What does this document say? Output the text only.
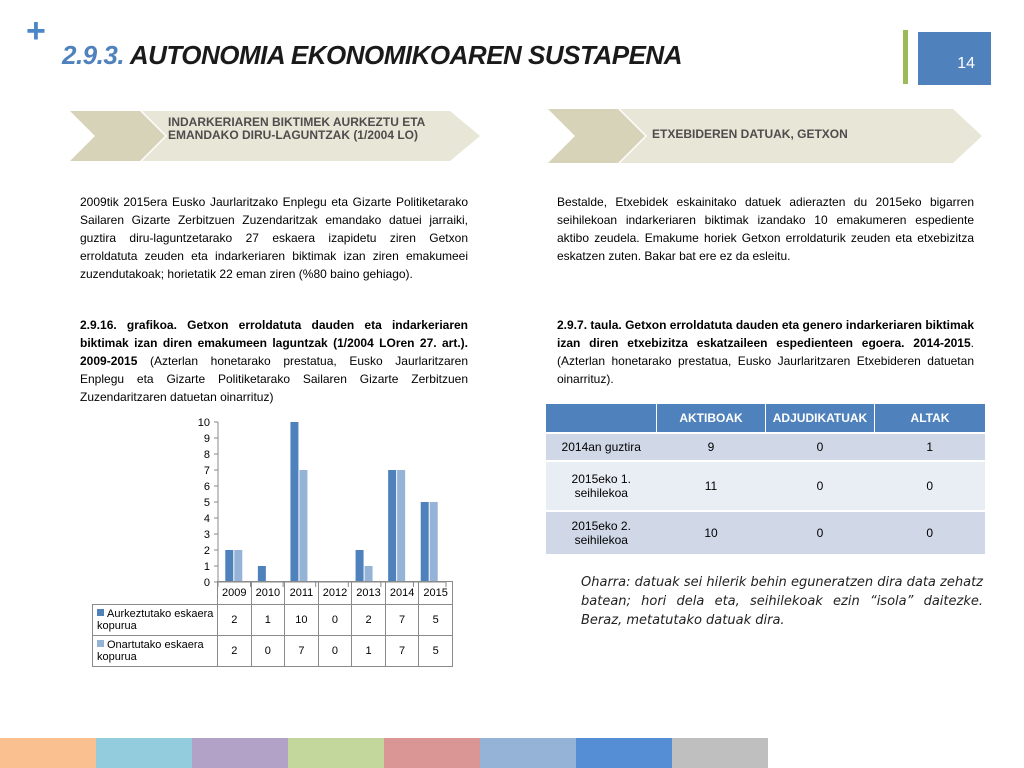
+
2.9.3. AUTONOMIA EKONOMIKOAREN SUSTAPENA	14
INDARKERIAREN BIKTIMEK AURKEZTU ETA EMANDAKO DIRU-LAGUNTZAK (1/2004 LO)	ETXEBIDEREN DATUAK, GETXON
2009tik 2015era Eusko Jaurlaritzako Enplegu eta Gizarte Politiketarako Sailaren Gizarte Zerbitzuen Zuzendaritzak emandako datuei jarraiki, guztira diru-laguntzetarako 27 eskaera izapidetu ziren Getxon erroldatuta zeuden eta indarkeriaren biktimak izan ziren emakumeei zuzendutakoak; horietatik 22 eman ziren (%80 baino gehiago).
2.9.16. grafikoa. Getxon erroldatuta dauden eta indarkeriaren biktimak izan diren emakumeen laguntzak (1/2004 LOren 27. art.). 2009-2015 (Azterlan honetarako prestatua, Eusko Jaurlaritzaren Enplegu eta Gizarte Politiketarako Sailaren Gizarte Zerbitzuen Zuzendaritzaren datuetan oinarrituz)
0
1
2
3
4
5
6
7
8
9
10
	2009	2010	2011	2012	2013	2014	2015
Aurkeztutako eskaera kopurua	2	1	10	0	2	7	5
Onartutako eskaera kopurua	2	0	7	0	1	7	5
Bestalde, Etxebidek eskainitako datuek adierazten du 2015eko bigarren seihilekoan indarkeriaren biktimak izandako 10 emakumeren espediente aktibo zeudela. Emakume horiek Getxon erroldaturik zeuden eta etxebizitza eskatzen zuten. Bakar bat ere ez da esleitu.
2.9.7. taula. Getxon erroldatuta dauden eta genero indarkeriaren biktimak izan diren etxebizitza eskatzaileen espedienteen egoera. 2014-2015. (Azterlan honetarako prestatua, Eusko Jaurlaritzaren Etxebideren datuetan oinarrituz).
	AKTIBOAK	ADJUDIKATUAK	ALTAK
2014an guztira	9	0	1
2015eko 1. seihilekoa	11	0	0
2015eko 2. seihilekoa	10	0	0
Oharra: datuak sei hilerik behin eguneratzen dira data zehatz batean; hori dela eta, seihilekoak ezin “isola” daitezke. Beraz, metatutako datuak dira.
